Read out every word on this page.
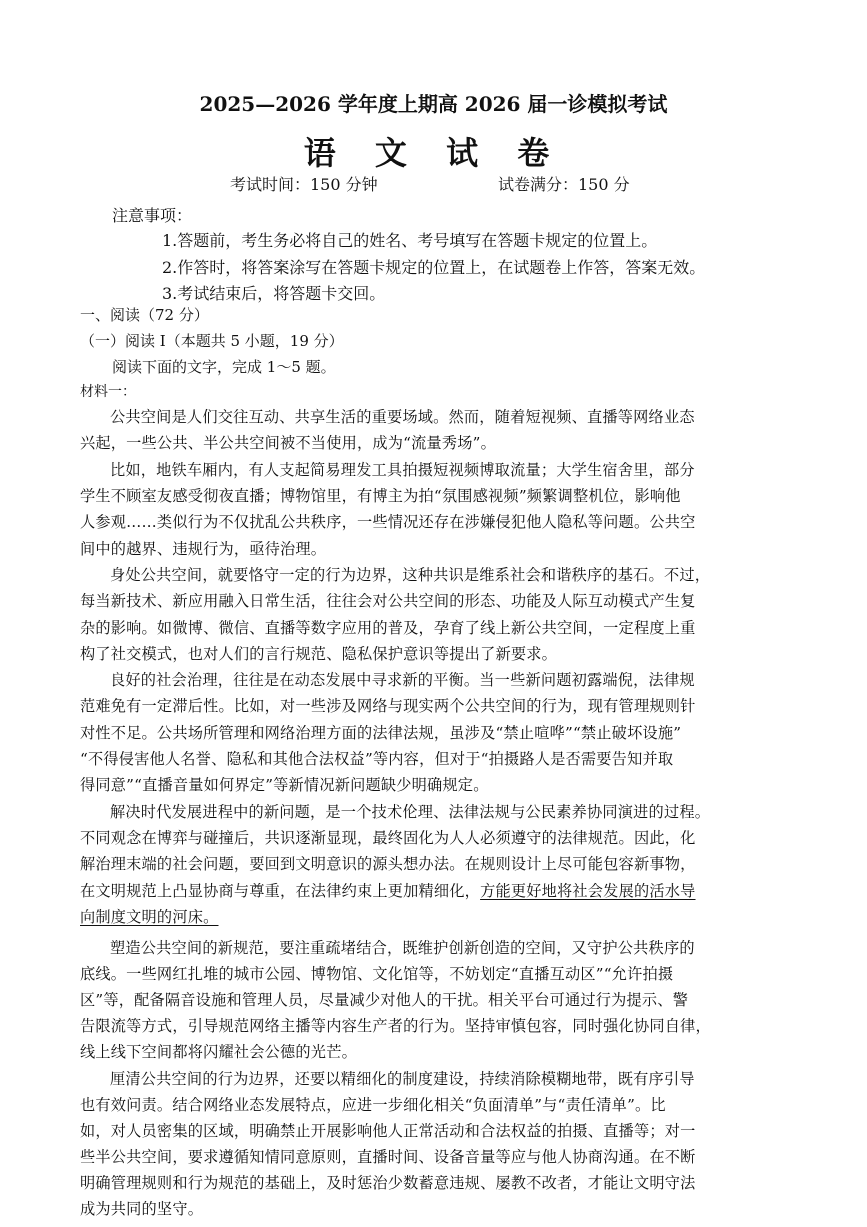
2025—2026 学年度上期高 2026 届一诊模拟考试
语 文 试 卷
考试时间：150 分钟	试卷满分：150 分
注意事项：
1.答题前，考生务必将自己的姓名、考号填写在答题卡规定的位置上。
2.作答时，将答案涂写在答题卡规定的位置上，在试题卷上作答，答案无效。
3.考试结束后，将答题卡交回。
一、阅读（72 分）
（一）阅读 I（本题共 5 小题，19 分）
阅读下面的文字，完成 1～5 题。
材料一：
公共空间是人们交往互动、共享生活的重要场域。然而，随着短视频、直播等网络业态
兴起，一些公共、半公共空间被不当使用，成为“流量秀场”。
比如，地铁车厢内，有人支起简易理发工具拍摄短视频博取流量；大学生宿舍里，部分
学生不顾室友感受彻夜直播；博物馆里，有博主为拍“氛围感视频”频繁调整机位，影响他
人参观……类似行为不仅扰乱公共秩序，一些情况还存在涉嫌侵犯他人隐私等问题。公共空
间中的越界、违规行为，亟待治理。
身处公共空间，就要恪守一定的行为边界，这种共识是维系社会和谐秩序的基石。不过，
每当新技术、新应用融入日常生活，往往会对公共空间的形态、功能及人际互动模式产生复
杂的影响。如微博、微信、直播等数字应用的普及，孕育了线上新公共空间，一定程度上重
构了社交模式，也对人们的言行规范、隐私保护意识等提出了新要求。
良好的社会治理，往往是在动态发展中寻求新的平衡。当一些新问题初露端倪，法律规
范难免有一定滞后性。比如，对一些涉及网络与现实两个公共空间的行为，现有管理规则针
对性不足。公共场所管理和网络治理方面的法律法规，虽涉及“禁止喧哗”“禁止破坏设施”
“不得侵害他人名誉、隐私和其他合法权益”等内容，但对于“拍摄路人是否需要告知并取
得同意”“直播音量如何界定”等新情况新问题缺少明确规定。
解决时代发展进程中的新问题，是一个技术伦理、法律法规与公民素养协同演进的过程。
不同观念在博弈与碰撞后，共识逐渐显现，最终固化为人人必须遵守的法律规范。因此，化
解治理末端的社会问题，要回到文明意识的源头想办法。在规则设计上尽可能包容新事物，
在文明规范上凸显协商与尊重，在法律约束上更加精细化，方能更好地将社会发展的活水导
向制度文明的河床。
塑造公共空间的新规范，要注重疏堵结合，既维护创新创造的空间，又守护公共秩序的
底线。一些网红扎堆的城市公园、博物馆、文化馆等，不妨划定“直播互动区”“允许拍摄
区”等，配备隔音设施和管理人员，尽量减少对他人的干扰。相关平台可通过行为提示、警
告限流等方式，引导规范网络主播等内容生产者的行为。坚持审慎包容，同时强化协同自律，
线上线下空间都将闪耀社会公德的光芒。
厘清公共空间的行为边界，还要以精细化的制度建设，持续消除模糊地带，既有序引导
也有效问责。结合网络业态发展特点，应进一步细化相关“负面清单”与“责任清单”。比
如，对人员密集的区域，明确禁止开展影响他人正常活动和合法权益的拍摄、直播等；对一
些半公共空间，要求遵循知情同意原则，直播时间、设备音量等应与他人协商沟通。在不断
明确管理规则和行为规范的基础上，及时惩治少数蓄意违规、屡教不改者，才能让文明守法
成为共同的坚守。
